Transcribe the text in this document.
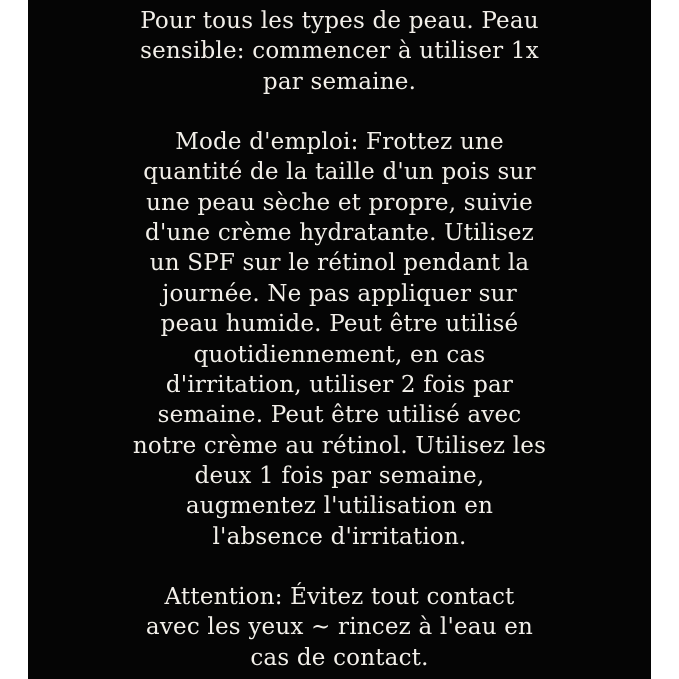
Pour tous les types de peau. Peau

sensible: commencer à utiliser 1x

par semaine.

Mode d'emploi: Frottez une

quantité de la taille d'un pois sur

une peau sèche et propre, suivie

d'une crème hydratante. Utilisez

un SPF sur le rétinol pendant la

journée. Ne pas appliquer sur

peau humide. Peut être utilisé

quotidiennement, en cas

d'irritation, utiliser 2 fois par

semaine. Peut être utilisé avec

notre crème au rétinol. Utilisez les

deux 1 fois par semaine,

augmentez l'utilisation en

l'absence d'irritation.

Attention: Évitez tout contact

avec les yeux ~ rincez à l'eau en

cas de contact.
